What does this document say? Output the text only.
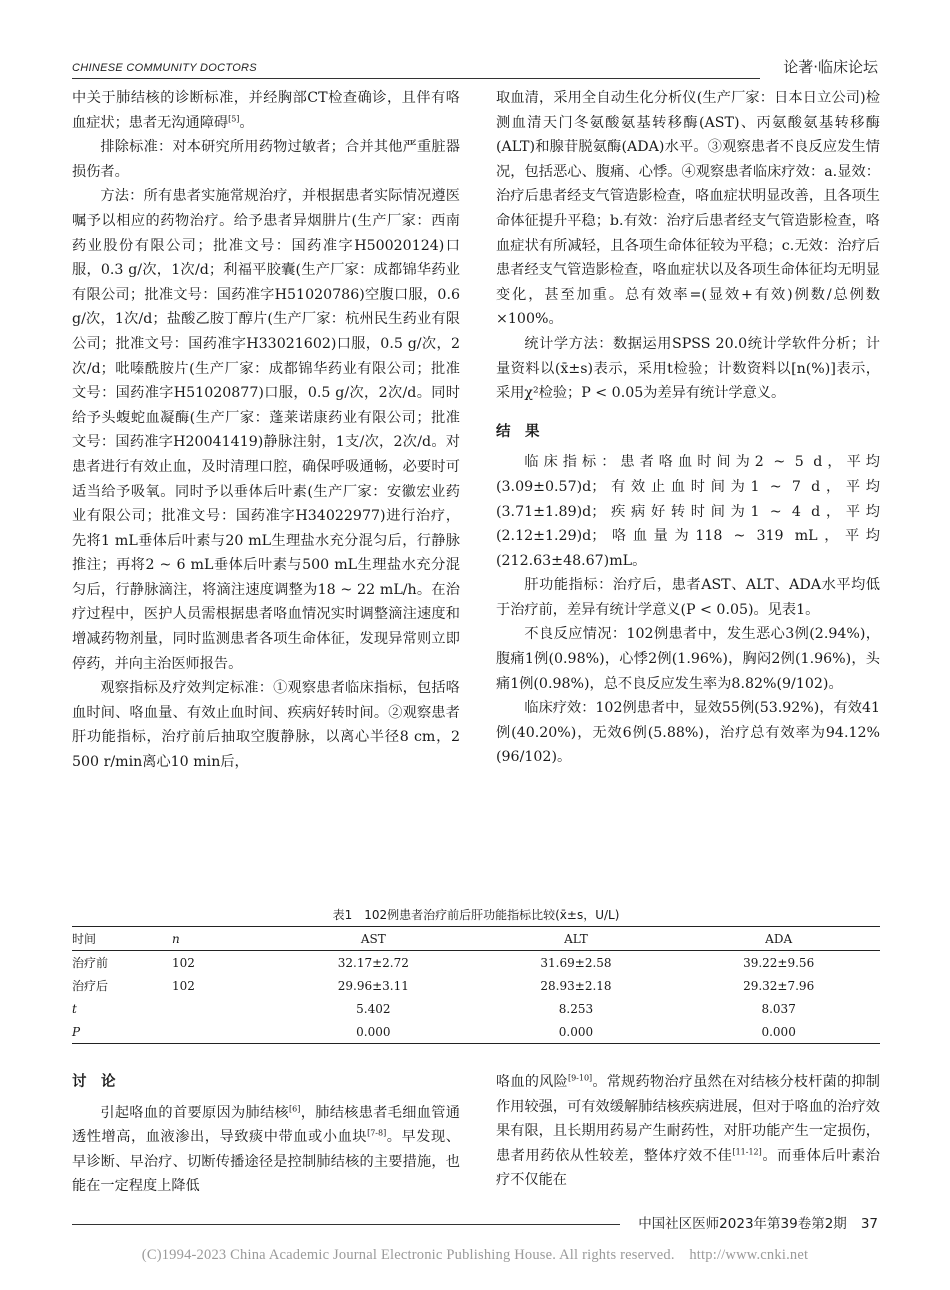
CHINESE COMMUNITY DOCTORS	论著·临床论坛

中关于肺结核的诊断标准，并经胸部CT检查确诊，且伴有咯血症状；患者无沟通障碍[5]。

排除标准：对本研究所用药物过敏者；合并其他严重脏器损伤者。

方法：所有患者实施常规治疗，并根据患者实际情况遵医嘱予以相应的药物治疗。给予患者异烟肼片(生产厂家：西南药业股份有限公司；批准文号：国药准字H50020124)口服，0.3 g/次，1次/d；利福平胶囊(生产厂家：成都锦华药业有限公司；批准文号：国药准字H51020786)空腹口服，0.6 g/次，1次/d；盐酸乙胺丁醇片(生产厂家：杭州民生药业有限公司；批准文号：国药准字H33021602)口服，0.5 g/次，2次/d；吡嗪酰胺片(生产厂家：成都锦华药业有限公司；批准文号：国药准字H51020877)口服，0.5 g/次，2次/d。同时给予头蝮蛇血凝酶(生产厂家：蓬莱诺康药业有限公司；批准文号：国药准字H20041419)静脉注射，1支/次，2次/d。对患者进行有效止血，及时清理口腔，确保呼吸通畅，必要时可适当给予吸氧。同时予以垂体后叶素(生产厂家：安徽宏业药业有限公司；批准文号：国药准字H34022977)进行治疗，先将1 mL垂体后叶素与20 mL生理盐水充分混匀后，行静脉推注；再将2 ~ 6 mL垂体后叶素与500 mL生理盐水充分混匀后，行静脉滴注，将滴注速度调整为18 ~ 22 mL/h。在治疗过程中，医护人员需根据患者咯血情况实时调整滴注速度和增减药物剂量，同时监测患者各项生命体征，发现异常则立即停药，并向主治医师报告。

观察指标及疗效判定标准：①观察患者临床指标，包括咯血时间、咯血量、有效止血时间、疾病好转时间。②观察患者肝功能指标，治疗前后抽取空腹静脉，以离心半径8 cm，2 500 r/min离心10 min后，

取血清，采用全自动生化分析仪(生产厂家：日本日立公司)检测血清天门冬氨酸氨基转移酶(AST)、丙氨酸氨基转移酶(ALT)和腺苷脱氨酶(ADA)水平。③观察患者不良反应发生情况，包括恶心、腹痛、心悸。④观察患者临床疗效：a.显效：治疗后患者经支气管造影检查，咯血症状明显改善，且各项生命体征提升平稳；b.有效：治疗后患者经支气管造影检查，咯血症状有所减轻，且各项生命体征较为平稳；c.无效：治疗后患者经支气管造影检查，咯血症状以及各项生命体征均无明显变化，甚至加重。总有效率=(显效+有效)例数/总例数×100%。

统计学方法：数据运用SPSS 20.0统计学软件分析；计量资料以(x̄±s)表示，采用t检验；计数资料以[n(%)]表示，采用χ²检验；P < 0.05为差异有统计学意义。

结　果

临床指标：患者咯血时间为2 ~ 5 d，平均(3.09±0.57)d；有效止血时间为1 ~ 7 d，平均(3.71±1.89)d；疾病好转时间为1 ~ 4 d，平均(2.12±1.29)d；咯血量为118 ~ 319 mL，平均(212.63±48.67)mL。

肝功能指标：治疗后，患者AST、ALT、ADA水平均低于治疗前，差异有统计学意义(P < 0.05)。见表1。

不良反应情况：102例患者中，发生恶心3例(2.94%)，腹痛1例(0.98%)，心悸2例(1.96%)，胸闷2例(1.96%)，头痛1例(0.98%)，总不良反应发生率为8.82%(9/102)。

临床疗效：102例患者中，显效55例(53.92%)，有效41例(40.20%)，无效6例(5.88%)，治疗总有效率为94.12%(96/102)。

表1　102例患者治疗前后肝功能指标比较(x̄±s，U/L)
时间	n	AST	ALT	ADA
治疗前	102	32.17±2.72	31.69±2.58	39.22±9.56
治疗后	102	29.96±3.11	28.93±2.18	29.32±7.96
t		5.402	8.253	8.037
P		0.000	0.000	0.000

讨　论

引起咯血的首要原因为肺结核[6]，肺结核患者毛细血管通透性增高，血液渗出，导致痰中带血或小血块[7-8]。早发现、早诊断、早治疗、切断传播途径是控制肺结核的主要措施，也能在一定程度上降低

咯血的风险[9-10]。常规药物治疗虽然在对结核分枝杆菌的抑制作用较强，可有效缓解肺结核疾病进展，但对于咯血的治疗效果有限，且长期用药易产生耐药性，对肝功能产生一定损伤，患者用药依从性较差，整体疗效不佳[11-12]。而垂体后叶素治疗不仅能在

中国社区医师2023年第39卷第2期 37
(C)1994-2023 China Academic Journal Electronic Publishing House. All rights reserved.　http://www.cnki.net
